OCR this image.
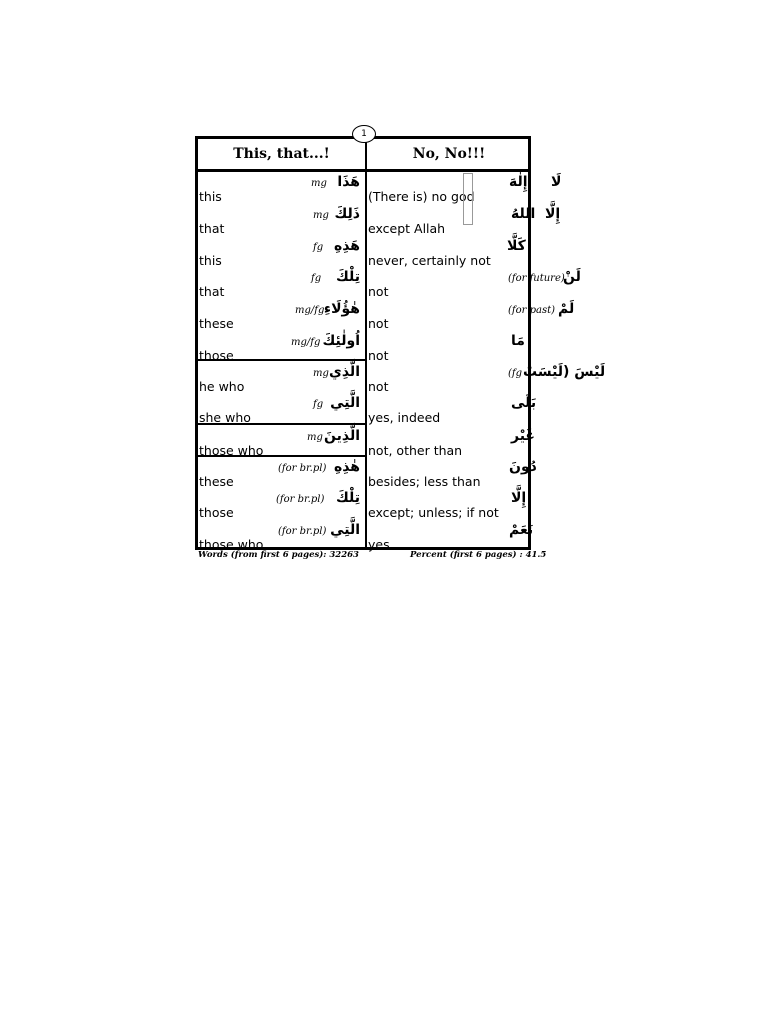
1
This, that...!	No, No!!!
this
mg هَذَا
that
mg ذَلِكَ
this
fg هَذِهِ
that
fg تِلْكَ
these
mg/fg هٰؤُلَاءِ
those
mg/fg اُولٰئِكَ
he who
mg الَّذِي
she who
fg الَّتِي
those who
mg الَّذِينَ
these
(for br.pl) هٰذِهِ
those
(for br.pl) تِلْكَ
those who
(for br.pl) الَّتِي
(There is) no god
إِلٰهَ لَا
except Allah
اللهُ إِلَّا
never, certainly not
كَلَّا
not
(for future)
لَنْ
not
(for past) لَمْ
not
مَا
not
(fg لَيْسَ (لَيْسَتْ
yes, indeed
بَلَى
not, other than
غَيْر
besides; less than
دُونَ
except; unless; if not
إِلَّا
yes
نَعَمْ
Words (from first 6 pages): 32263	Percent (first 6 pages) : 41.5
